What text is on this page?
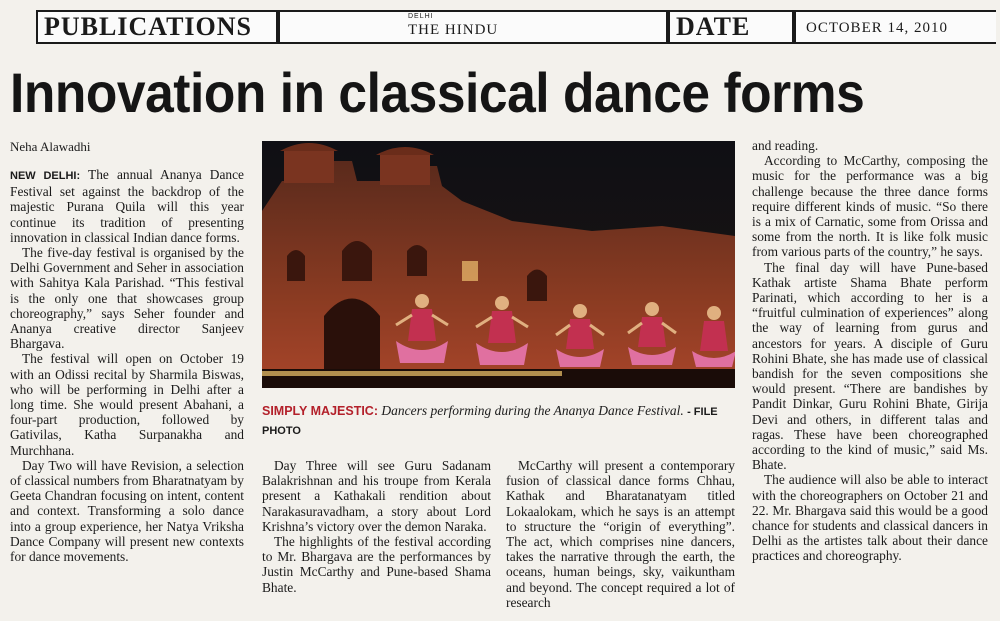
PUBLICATIONS	DELHI
THE HINDU	DATE	OCTOBER 14, 2010
Innovation in classical dance forms
Neha Alawadhi

NEW DELHI: The annual Ananya Dance Festival set against the backdrop of the majestic Purana Quila will this year continue its tradition of presenting innovation in classical Indian dance forms.

The five-day festival is organised by the Delhi Government and Seher in association with Sahitya Kala Parishad. “This festival is the only one that showcases group choreography,” says Seher founder and Ananya creative director Sanjeev Bhargava.

The festival will open on October 19 with an Odissi recital by Sharmila Biswas, who will be performing in Delhi after a long time. She would present Abahani, a four-part production, followed by Gativilas, Katha Surpanakha and Murchhana.

Day Two will have Revision, a selection of classical numbers from Bharatnatyam by Geeta Chandran focusing on intent, content and context. Transforming a solo dance into a group experience, her Natya Vriksha Dance Company will present new contexts for dance movements.

SIMPLY MAJESTIC: Dancers performing during the Ananya Dance Festival. - FILE PHOTO

Day Three will see Guru Sadanam Balakrishnan and his troupe from Kerala present a Kathakali rendition about Narakasuravadham, a story about Lord Krishna’s victory over the demon Naraka.

The highlights of the festival according to Mr. Bhargava are the performances by Justin McCarthy and Pune-based Shama Bhate.

McCarthy will present a contemporary fusion of classical dance forms Chhau, Kathak and Bharatanatyam titled Lokaalokam, which he says is an attempt to structure the “origin of everything”. The act, which comprises nine dancers, takes the narrative through the earth, the oceans, human beings, sky, vaikuntham and beyond. The concept required a lot of research

and reading.

According to McCarthy, composing the music for the performance was a big challenge because the three dance forms require different kinds of music. “So there is a mix of Carnatic, some from Orissa and some from the north. It is like folk music from various parts of the country,” he says.

The final day will have Pune-based Kathak artiste Shama Bhate perform Parinati, which according to her is a “fruitful culmination of experiences” along the way of learning from gurus and ancestors for years. A disciple of Guru Rohini Bhate, she has made use of classical bandish for the seven compositions she would present. “There are bandishes by Pandit Dinkar, Guru Rohini Bhate, Girija Devi and others, in different talas and ragas. These have been choreographed according to the kind of music,” said Ms. Bhate.

The audience will also be able to interact with the choreographers on October 21 and 22. Mr. Bhargava said this would be a good chance for students and classical dancers in Delhi as the artistes talk about their dance practices and choreography.
